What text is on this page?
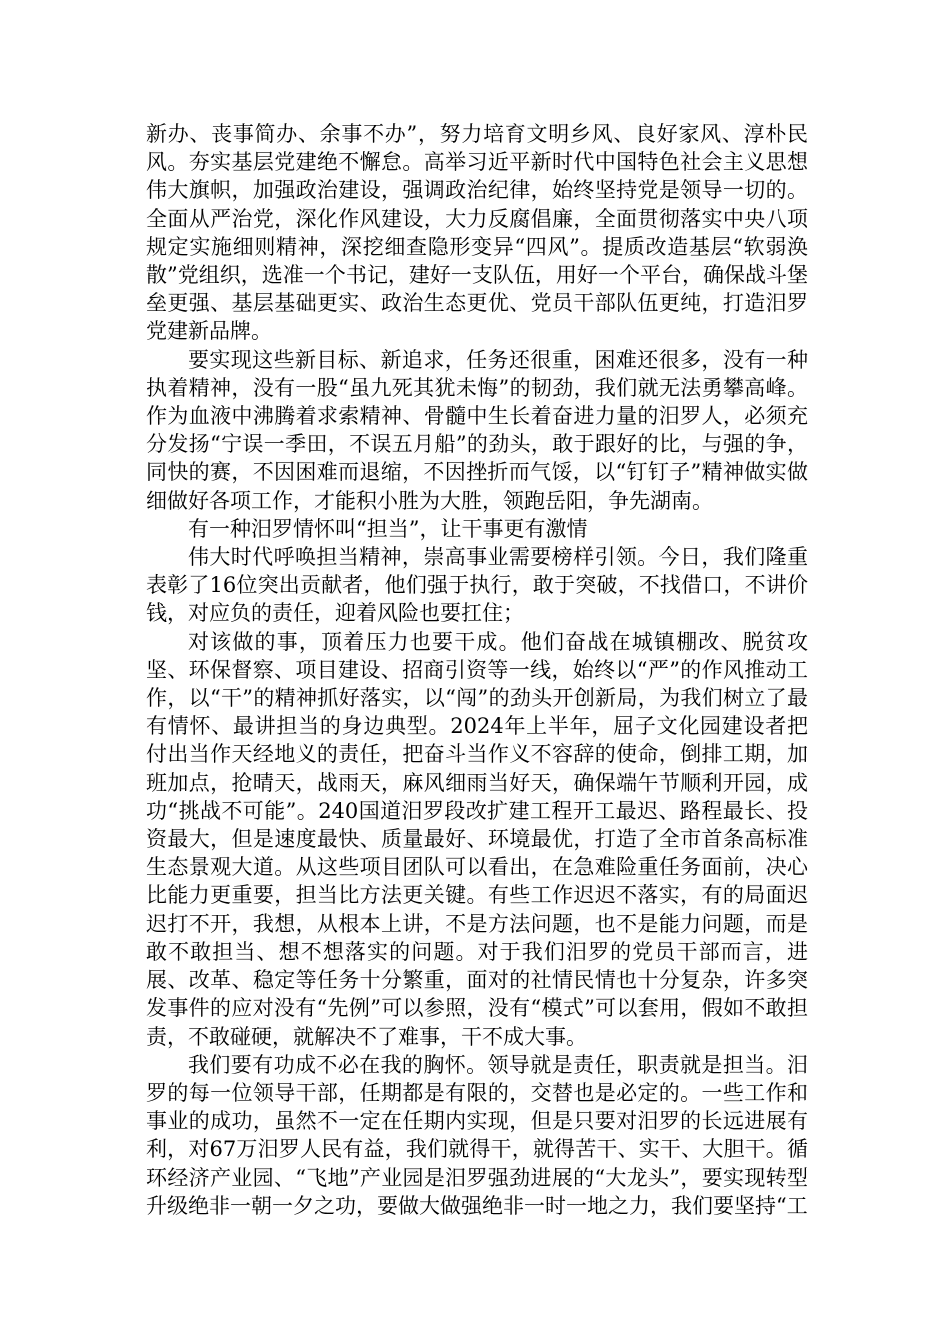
新办、丧事简办、余事不办”，努力培育文明乡风、良好家风、淳朴民风。夯实基层党建绝不懈怠。高举习近平新时代中国特色社会主义思想伟大旗帜，加强政治建设，强调政治纪律，始终坚持党是领导一切的。全面从严治党，深化作风建设，大力反腐倡廉，全面贯彻落实中央八项规定实施细则精神，深挖细查隐形变异“四风”。提质改造基层“软弱涣散”党组织，选准一个书记，建好一支队伍，用好一个平台，确保战斗堡垒更强、基层基础更实、政治生态更优、党员干部队伍更纯，打造汨罗党建新品牌。

要实现这些新目标、新追求，任务还很重，困难还很多，没有一种执着精神，没有一股“虽九死其犹未悔”的韧劲，我们就无法勇攀高峰。作为血液中沸腾着求索精神、骨髓中生长着奋进力量的汨罗人，必须充分发扬“宁误一季田，不误五月船”的劲头，敢于跟好的比，与强的争，同快的赛，不因困难而退缩，不因挫折而气馁，以“钉钉子”精神做实做细做好各项工作，才能积小胜为大胜，领跑岳阳，争先湖南。

有一种汨罗情怀叫“担当”，让干事更有激情

伟大时代呼唤担当精神，崇高事业需要榜样引领。今日，我们隆重表彰了16位突出贡献者，他们强于执行，敢于突破，不找借口，不讲价钱，对应负的责任，迎着风险也要扛住；

对该做的事，顶着压力也要干成。他们奋战在城镇棚改、脱贫攻坚、环保督察、项目建设、招商引资等一线，始终以“严”的作风推动工作，以“干”的精神抓好落实，以“闯”的劲头开创新局，为我们树立了最有情怀、最讲担当的身边典型。2024年上半年，屈子文化园建设者把付出当作天经地义的责任，把奋斗当作义不容辞的使命，倒排工期，加班加点，抢晴天，战雨天，麻风细雨当好天，确保端午节顺利开园，成功“挑战不可能”。240国道汨罗段改扩建工程开工最迟、路程最长、投资最大，但是速度最快、质量最好、环境最优，打造了全市首条高标准生态景观大道。从这些项目团队可以看出，在急难险重任务面前，决心比能力更重要，担当比方法更关键。有些工作迟迟不落实，有的局面迟迟打不开，我想，从根本上讲，不是方法问题，也不是能力问题，而是敢不敢担当、想不想落实的问题。对于我们汨罗的党员干部而言，进展、改革、稳定等任务十分繁重，面对的社情民情也十分复杂，许多突发事件的应对没有“先例”可以参照，没有“模式”可以套用，假如不敢担责，不敢碰硬，就解决不了难事，干不成大事。

我们要有功成不必在我的胸怀。领导就是责任，职责就是担当。汨罗的每一位领导干部，任期都是有限的，交替也是必定的。一些工作和事业的成功，虽然不一定在任期内实现，但是只要对汨罗的长远进展有利，对67万汨罗人民有益，我们就得干，就得苦干、实干、大胆干。循环经济产业园、“飞地”产业园是汨罗强劲进展的“大龙头”，要实现转型升级绝非一朝一夕之功，要做大做强绝非一时一地之力，我们要坚持“工
